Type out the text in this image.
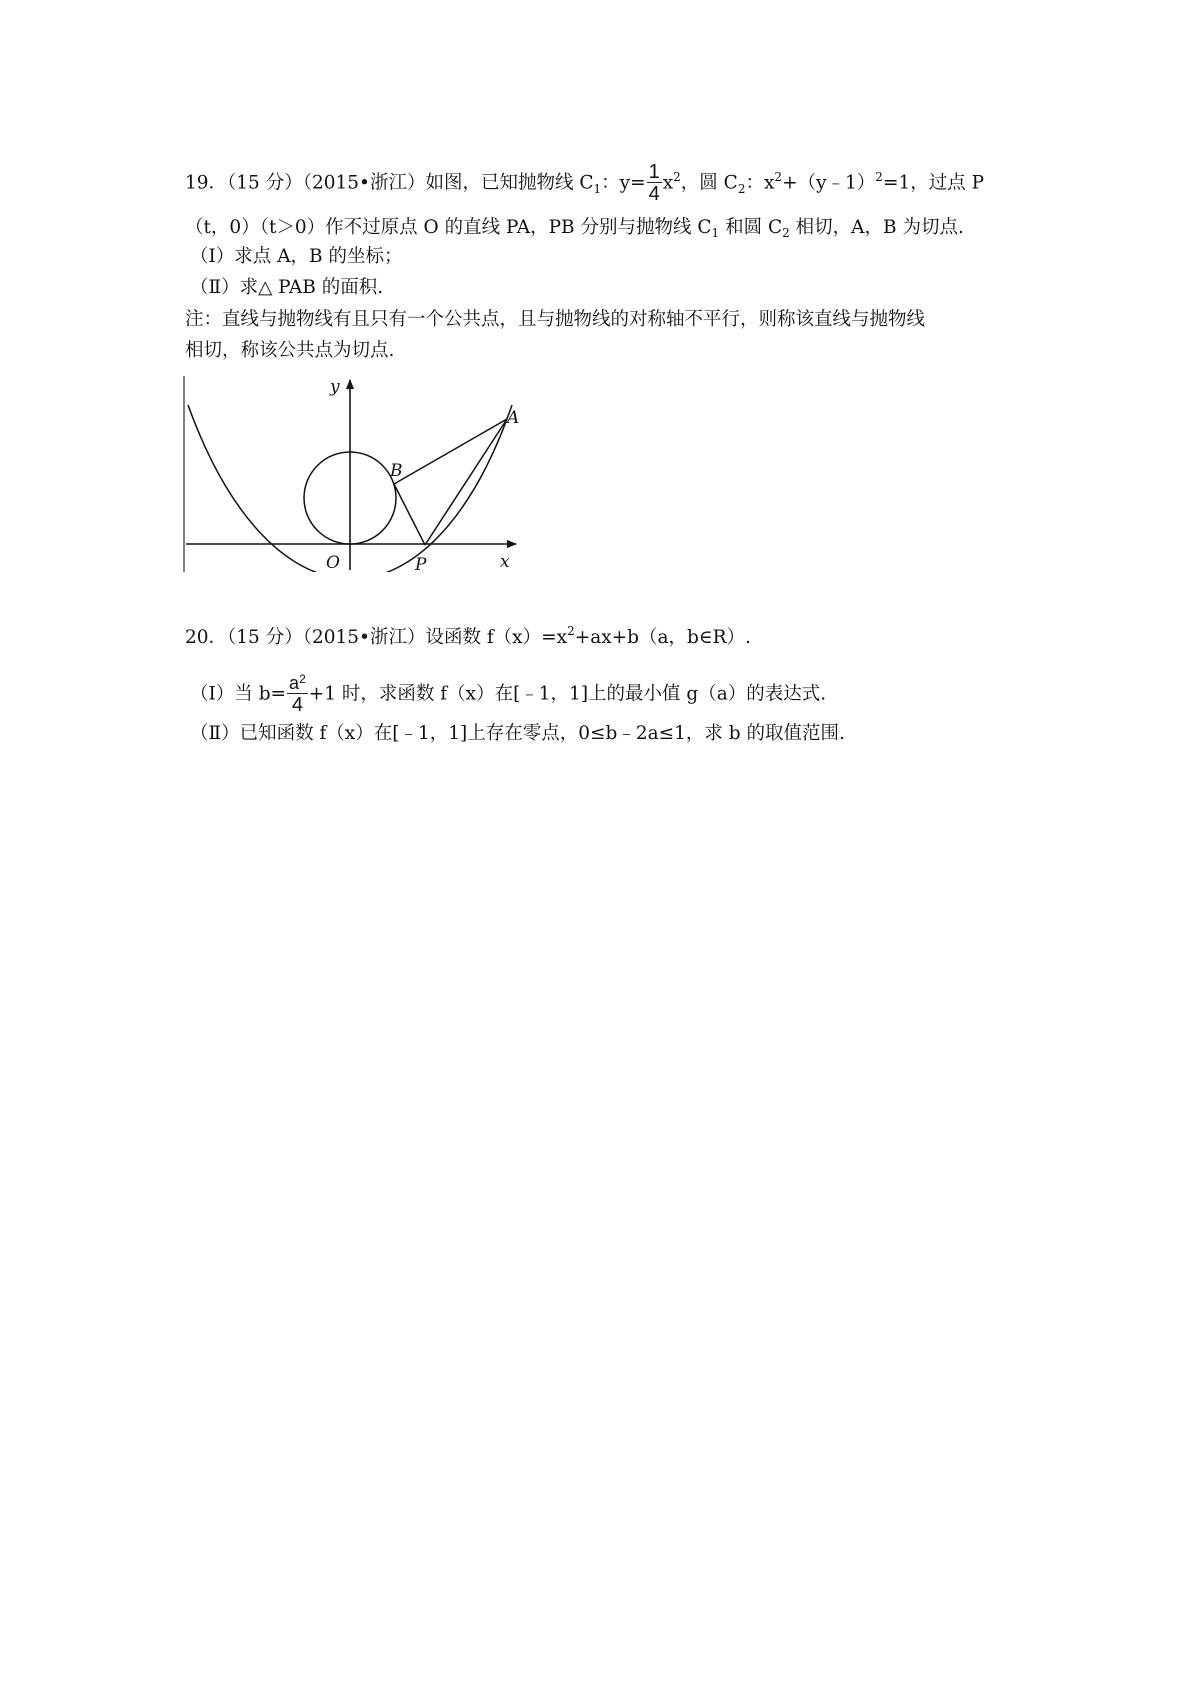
19．（15 分）（2015•浙江）如图，已知抛物线 $C_1$：$y= \frac{1}{4} x^2$，圆 $C_2$：$x^2+(y﹣1)^2=1$，过点 P
（t，0）（t＞0）作不过原点 O 的直线 PA，PB 分别与抛物线 $C_1$ 和圆 $C_2$ 相切，A，B 为切点.
（Ⅰ）求点 A，B 的坐标；
（Ⅱ）求△ PAB 的面积.
注：直线与抛物线有且只有一个公共点，且与抛物线的对称轴不平行，则称该直线与抛物线
相切，称该公共点为切点.
y
x
O	P
A
B
20．（15 分）（2015•浙江）设函数 $f(x)=x^2+ax+b(a$，b∈R）.
（Ⅰ）当 $b= \frac{a^2}{4} +1$ 时，求函数 f（x）在[﹣1，1]上的最小值 g（a）的表达式.
（Ⅱ）已知函数 f（x）在[﹣1，1]上存在零点，0≤b﹣2a≤1，求 b 的取值范围.
